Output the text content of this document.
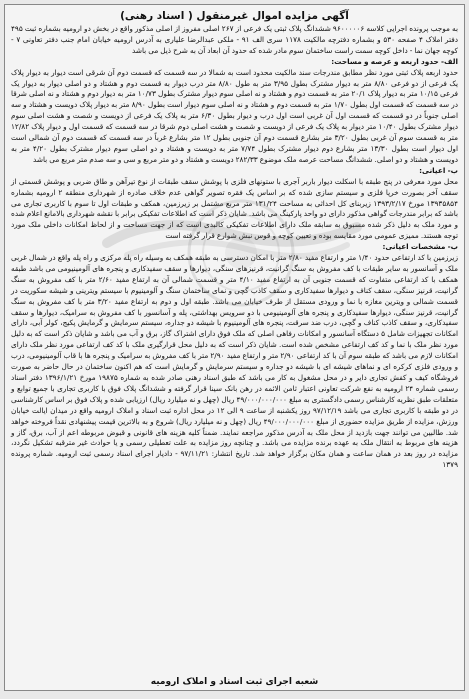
آگهی مزایده اموال غیرمنقول ( اسناد رهنی)

به موجب پرونده اجرایی کلاسه ۹۶۰۰۰۰۰۶ ششدانگ پلاک ثبتی یک فرعی از ۲۶۷ اصلی مفروز از اصلی مذکور واقع در بخش دو ارومیه بشماره ثبت ۴۹۵ دفتر املاک ۴ صفحه ۵۳۰ و بشماره دفترچه مالکیت ۱۱۷۸ سری الف ۹۱ - ملکی عبدالرضا علیاری به آدرس ارومیه خیابان امام جنب دفتر تعاونی ۷ - کوچه جهان نما - داخل کوچه سمت راست ساختمان سوم مادر شده که حدود آن ابعاد آن به شرح ذیل می باشد

الف- حدود اربعه و عرصه و مساحت:

حدود اربعه پلاک ثبتی مورد نظر مطابق مندرجات سند مالکیت محدود است به شمالا در سه قسمت که قسمت دوم آن شرقی است دیوار به دیوار پلاک یک فرعی از دو فرعی ۸/۸۰ متر به دیوار مشترک بطول ۳/۹۵ متر به طول ۸/۸۰ متر درب دیوار به قسمت دوم و هشتاد و دو اصلی دیوار به دیوار یک فرعی ۱۰/۱۵ متر به دیوار پلاک ۲۰/۱ متر به قسمت دوم و هشتاد و نه اصلی سوم دیوار مشترک بطول ۱۰/۷۳ متر به دیوار دوم و هشتاد و نه اصلی شرقا در سه قسمت که قسمت اول بطول ۱/۷۰ متر به قسمت دوم و هشتاد و نه اصلی سوم دیوار است بطول ۸/۹۰ متر به دیوار پلاک دویست و هشتاد و سه اصلی جنوباً در دو قسمت که قسمت اول آن غربی است اول درب و دیوار بطول ۶/۳۰ متر به پلاک یک فرعی از دویست و شصت و هشت اصلی سوم دیوار مشترک بطول ۱۰/۴۰ متر دیوار به پلاک یک فرعی از دویست و شصت و هشت اصلی دوم شرقا در سه قسمت که قسمت اول و دیوار پلاک ۱۲/۸۲ متر به قسمت سوم آن غربی بطول ۳/۲۰ متر بشارع قسمت دوم آن جنوبی بطول ۱۲ متر بشارع غرباً در سه قسمت که قسمت دوم آن شمالی است اول دیوار است بطول ۱۳/۳۰ متر بشارع دوم دیوار مشترک بطول ۷/۷۴ متر به دویست و هشتاد و دو اصلی سوم دیوار مشترک بطول ۴/۲۰ متر به دویست و هشتاد و دو اصلی. ششدانگ مساحت عرصه ملک موضوع ۲۸۲/۳۳ دویست و هشتاد و دو متر مربع و سی و سه صدم متر مربع می باشد

ب- اعیانی:

محل مورد معرفی در پنج طبقه با اسکلت دیوار باربر آجری با ستونهای فلزی با پوشش سقف طبقات از نوع تیرآهن و طاق ضربی و پوشش قسمتی از سقف آخر بصورت خرپا فلزی و سیستم سازی شده که بر اساس یک فقره تصویر گواهی عدم خلاف صادره از شهرداری منطقه ۲ ارومیه بشماره ۱۳۹۳۵۸۵۴ مورخ ۱۳۹۳/۲/۱۷ زیربنای کل احداثی به مساحت ۱۳۱/۲۴ متر مربع مشتمل بر زیرزمین، همکف و طبقات اول تا سوم با کاربری تجاری می باشد که برابر مندرجات گواهی مذکور دارای دو واحد پارکینگ می باشد. شایان ذکر است که اطلاعات تفکیکی برابر با نقشه شهرداری بالامانع اعلام شده و مورد ملک به دلیل ذکر شده مسبوق به سابقه ملک دارای اطلاعات تفکیکی کالبدی است که از جهت مساحت و از لحاظ امکانات داخلی ملک مورد توجه هستند. ممیزی عمومی مورد مقایسه بوده و تعیین کوچه و قوس نبش شوارع قرار گرفته است

ب- مشخصات اعیانی:

زیرزمین با کد ارتفاعی حدود ۱/۴۰ متر و ارتفاع مفید ۲/۸۰ متر با امکان دسترسی به طبقه همکف به وسیله راه پله مرکزی و راه پله واقع در شمال غربی ملک و آسانسور به سایر طبقات با کف مفروش به سنگ گرانیت، قرنیزهای سنگی، دیوارها و سقف سفیدکاری و پنجره های آلومینیومی می باشد طبقه همکف با کد ارتفاعی متفاوت که قسمت جنوبی آن به ارتفاع مفید ۴/۱۰ متر و قسمت شمالی آن به ارتفاع مفید ۲/۶۰ متر با کف مفروش به سنگ گرانیت، قرنیز سنگی، سقف کناف و دیوارها سفیدکاری و سقف کاذب گچی و نمای ساختمان سنگ و آلومینیوم با سیستم ویترینی و شیشه سکوریت در قسمت شمالی و ویترین مغازه با نما و ورودی مستقل از طرف خیابان می باشد. طبقه اول و دوم به ارتفاع مفید ۳/۲۰ متر با کف مفروش به سنگ گرانیت، قرنیز سنگی، دیوارها سفیدکاری و پنجره های آلومینیومی با دو سرویس بهداشتی، پله و آسانسور با کف مفروش به سرامیک، دیوارها و سقف سفیدکاری، و سقف کاذب کناف و گچی، درب ضد سرقت، پنجره های آلومینیوم با شیشه دو جداره، سیستم سرمایش و گرمایش پکیج، کولر آبی، دارای امکانات تجهیزات شامل ۵ دستگاه آسانسور و امکانات رفاهی اصلی که ملک فوق دارای اشتراک گاز، برق و آب می باشد و شایان ذکر است که به دلیل مورد نظر ملک با نما و کد کف ارتفاعی مشخص شده است. شایان ذکر است که به دلیل محل قرارگیری ملک با کد کف ارتفاعی مورد نظر ملک دارای امکانات لازم می باشد که طبقه سوم آن با کد ارتفاعی ۲/۹۰ متر و ارتفاع مفید ۲/۹۰ متر با کف مفروش به سرامیک و پنجره ها با قاب آلومینیومی، درب و ورودی فلزی کرکره ای و نماهای شیشه ای با شیشه دو جداره و سیستم سرمایش و گرمایش است که هم اکنون ساختمان در حال حاضر به صورت فروشگاه کیف و کفش تجاری دایر و در محل مشغول به کار می باشد که طبق اسناد رهنی صادر شده به شماره ۱۹۸۷۵ مورخ ۱۳۹۶/۱/۲۱ دفتر اسناد رسمی شماره ۲۴ ارومیه به نفع شرکت تعاونی اعتبار ثامن الائمه در رهن بانک سینا قرار گرفته و ششدانگ پلاک فوق با کاربری تجاری با جمیع توابع و متعلقات طبق نظریه کارشناس رسمی دادگستری به مبلغ ۴۹/۰۰۰/۰۰۰/۰۰۰ ریال (چهل و نه میلیارد ریال) ارزیابی شده و پلاک فوق بر اساس کارشناسی در دو طبقه با کاربری تجاری می باشد ۹۷/۱۲/۱۹ روز یکشنبه از ساعت ۹ الی ۱۲ در محل اداره ثبت اسناد و املاک ارومیه واقع در میدان ایالت خیابان ورزش، مزایده از طریق مزایده حضوری از مبلغ ۴۹/۰۰۰/۰۰۰/۰۰۰ ریال (چهل و نه میلیارد ریال) شروع و به بالاترین قیمت پیشنهادی نقداً فروخته خواهد شد. طالبین می توانند جهت بازدید از محل ملک به آدرس مذکور مراجعه نمایند. ضمناً کلیه هزینه های قانونی و قبوض مربوطه اعم از آب، برق، گاز و هزینه های مربوط به انتقال ملک به عهده برنده مزایده می باشد. و چنانچه روز مزایده به علت تعطیلی رسمی و یا حوادث غیر مترقبه تشکیل نگردد، مزایده در روز بعد در همان ساعت و همان مکان برگزار خواهد شد. تاریخ انتشار: ۹۷/۱۱/۲۱ - دادیار اجرای اسناد رسمی ثبت ارومیه. شماره پرونده ۱۳۷۹

شعبه اجرای ثبت اسناد و املاک ارومیه
